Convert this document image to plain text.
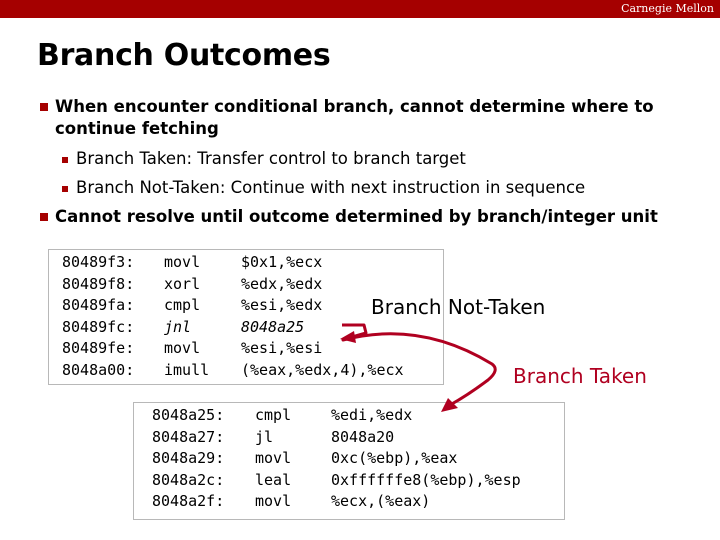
Carnegie Mellon
Branch Outcomes
When encounter conditional branch, cannot determine where to continue fetching
Branch Taken: Transfer control to branch target
Branch Not-Taken: Continue with next instruction in sequence
Cannot resolve until outcome determined by branch/integer unit
80489f3: movl	$0x1,%ecx
80489f8: xorl	%edx,%edx
80489fa: cmpl	%esi,%edx
80489fc: jnl	8048a25
80489fe: movl	%esi,%esi
8048a00: imull (%eax,%edx,4),%ecx
8048a25: cmpl	%edi,%edx
8048a27: jl	8048a20
8048a29: movl	0xc(%ebp),%eax
8048a2c: leal	0xffffffe8(%ebp),%esp
8048a2f: movl	%ecx,(%eax)
Branch Not-Taken
Branch Taken
